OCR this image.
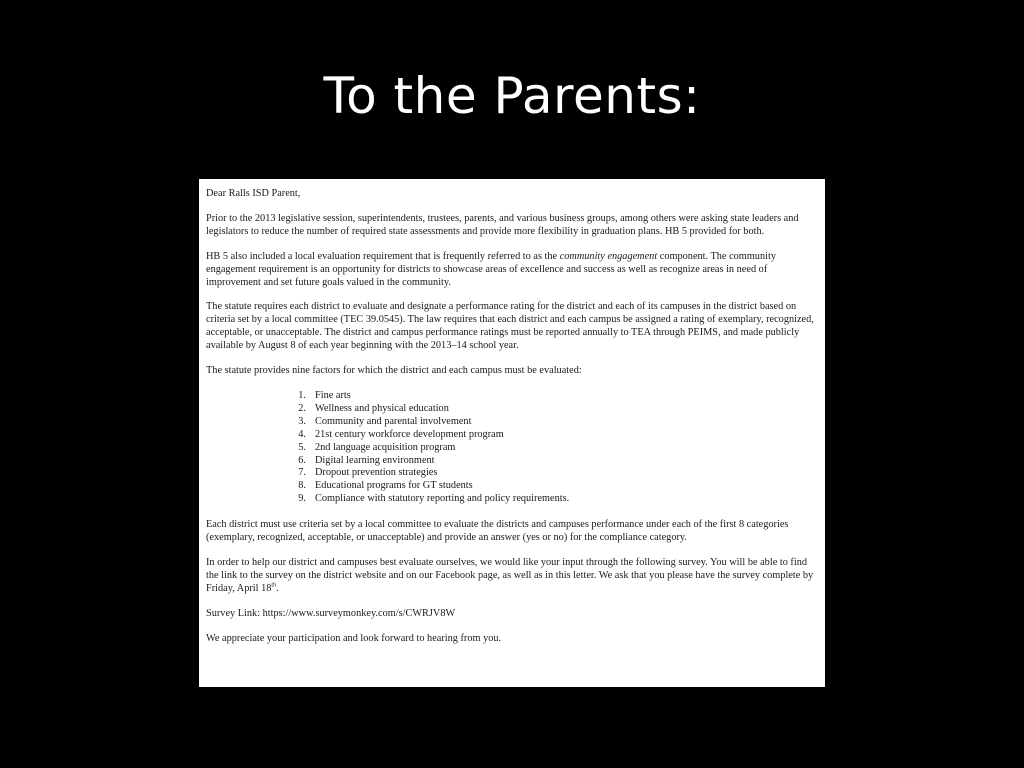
To the Parents:

Dear Ralls ISD Parent,

Prior to the 2013 legislative session, superintendents, trustees, parents, and various business groups, among others were asking state leaders and legislators to reduce the number of required state assessments and provide more flexibility in graduation plans. HB 5 provided for both.

HB 5 also included a local evaluation requirement that is frequently referred to as the community engagement component. The community engagement requirement is an opportunity for districts to showcase areas of excellence and success as well as recognize areas in need of improvement and set future goals valued in the community.

The statute requires each district to evaluate and designate a performance rating for the district and each of its campuses in the district based on criteria set by a local committee (TEC 39.0545). The law requires that each district and each campus be assigned a rating of exemplary, recognized, acceptable, or unacceptable. The district and campus performance ratings must be reported annually to TEA through PEIMS, and made publicly available by August 8 of each year beginning with the 2013–14 school year.

The statute provides nine factors for which the district and each campus must be evaluated:

1. Fine arts
2. Wellness and physical education
3. Community and parental involvement
4. 21st century workforce development program
5. 2nd language acquisition program
6. Digital learning environment
7. Dropout prevention strategies
8. Educational programs for GT students
9. Compliance with statutory reporting and policy requirements.

Each district must use criteria set by a local committee to evaluate the districts and campuses performance under each of the first 8 categories (exemplary, recognized, acceptable, or unacceptable) and provide an answer (yes or no) for the compliance category.

In order to help our district and campuses best evaluate ourselves, we would like your input through the following survey. You will be able to find the link to the survey on the district website and on our Facebook page, as well as in this letter. We ask that you please have the survey complete by Friday, April 18th.

Survey Link: https://www.surveymonkey.com/s/CWRJV8W

We appreciate your participation and look forward to hearing from you.
